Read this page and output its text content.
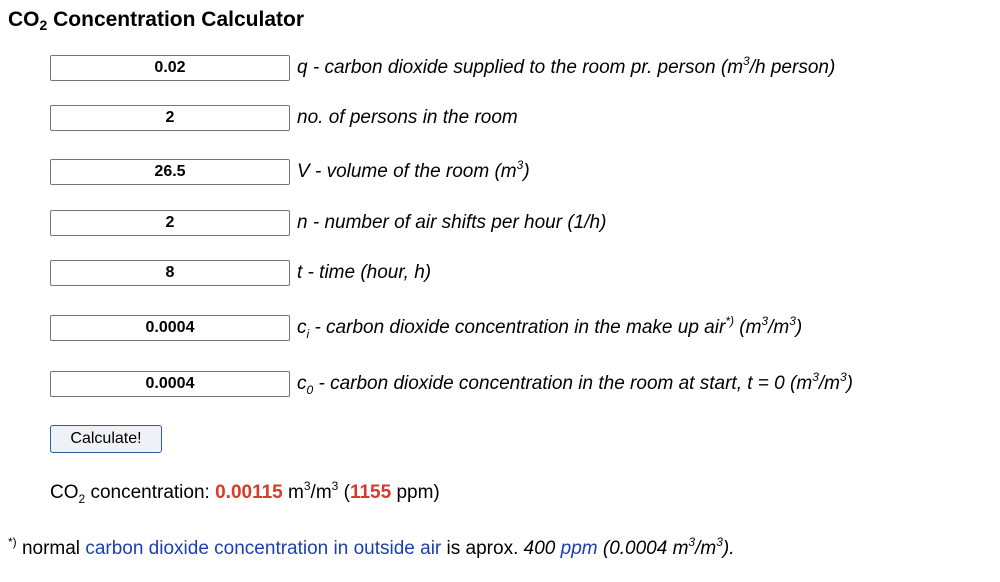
$CO_2$ Concentration Calculator
0.02
q - carbon dioxide supplied to the room pr. person ($m^3/h$ person)
2
no. of persons in the room
26.5
V - volume of the room $(m^3)$
2
n - number of air shifts per hour (1/h)
8
t - time (hour, h)
0.0004
$c_i$ - carbon dioxide concentration in the make up air*) $(m^3/m^3)$
0.0004
$c_0$ - carbon dioxide concentration in the room at start, t = 0 $(m^3/m^3)$
Calculate!
$CO_2$ concentration: 0.00115 $m^3/m^3$ (1155 ppm)
*) normal carbon dioxide concentration in outside air is aprox. 400 ppm (0.0004 $m^3/m^3$).
